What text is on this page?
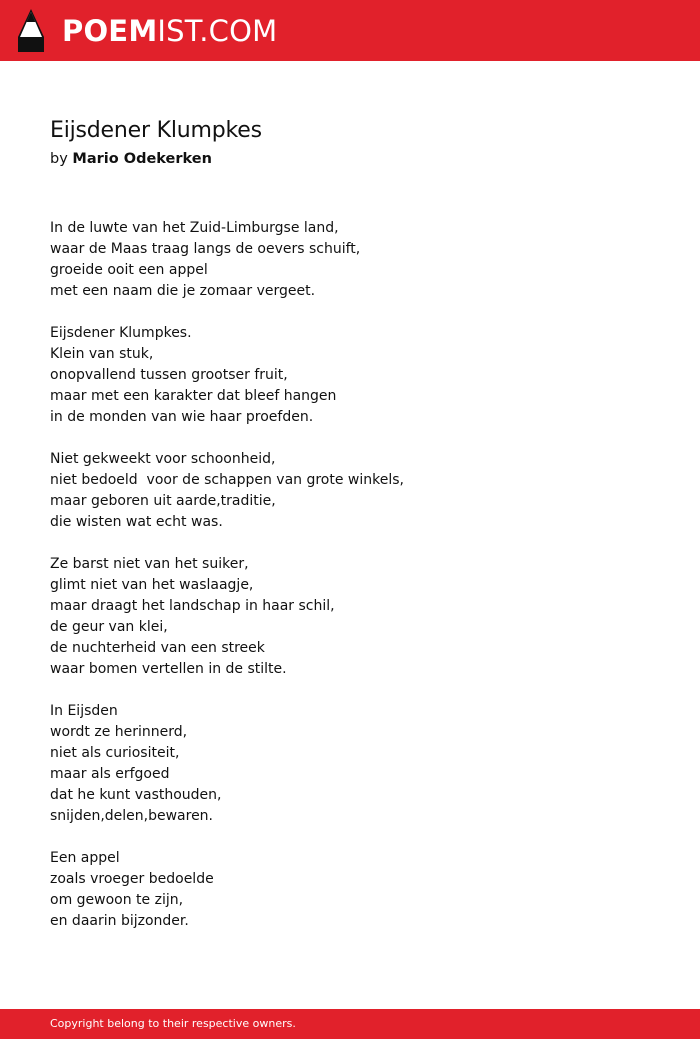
POEMIST.COM
Eijsdener Klumpkes
by Mario Odekerken
In de luwte van het Zuid-Limburgse land,
waar de Maas traag langs de oevers schuift,
groeide ooit een appel
met een naam die je zomaar vergeet.
Eijsdener Klumpkes.
Klein van stuk,
onopvallend tussen grootser fruit,
maar met een karakter dat bleef hangen
in de monden van wie haar proefden.
Niet gekweekt voor schoonheid,
niet bedoeld  voor de schappen van grote winkels,
maar geboren uit aarde,traditie,
die wisten wat echt was.
Ze barst niet van het suiker,
glimt niet van het waslaagje,
maar draagt het landschap in haar schil,
de geur van klei,
de nuchterheid van een streek
waar bomen vertellen in de stilte.
In Eijsden
wordt ze herinnerd,
niet als curiositeit,
maar als erfgoed
dat he kunt vasthouden,
snijden,delen,bewaren.
Een appel
zoals vroeger bedoelde
om gewoon te zijn,
en daarin bijzonder.
Copyright belong to their respective owners.
